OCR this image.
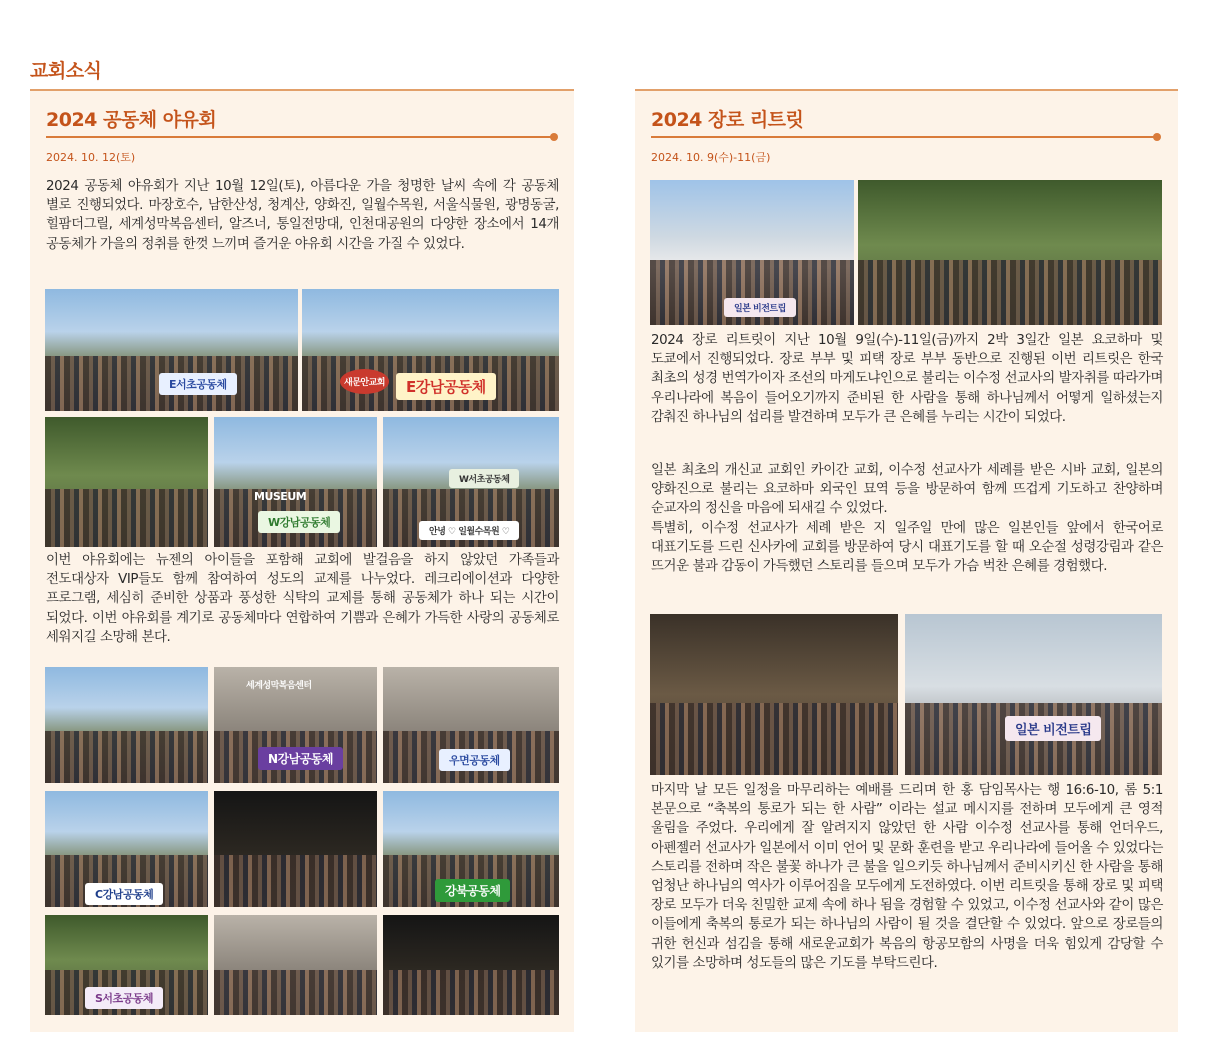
교회소식
2024 공동체 야유회
2024. 10. 12(토)
2024 공동체 야유회가 지난 10월 12일(토), 아름다운 가을 청명한 날씨 속에 각 공동체 별로 진행되었다. 마장호수, 남한산성, 청계산, 양화진, 일월수목원, 서울식물원, 광명동굴, 힐팜더그릴, 세계성막복음센터, 알즈너, 통일전망대, 인천대공원의 다양한 장소에서 14개 공동체가 가을의 정취를 한껏 느끼며 즐거운 야유회 시간을 가질 수 있었다.
E서초공동체	새문안교회	E강남공동체
MUSEUM
W강남공동체
W서초공동체
안녕 ♡ 일월수목원 ♡
이번 야유회에는 뉴젠의 아이들을 포함해 교회에 발걸음을 하지 않았던 가족들과 전도대상자 VIP들도 함께 참여하여 성도의 교제를 나누었다. 레크리에이션과 다양한 프로그램, 세심히 준비한 상품과 풍성한 식탁의 교제를 통해 공동체가 하나 되는 시간이 되었다. 이번 야유회를 계기로 공동체마다 연합하여 기쁨과 은혜가 가득한 사랑의 공동체로 세워지길 소망해 본다.
세계성막복음센터
N강남공동체	우면공동체
C강남공동체	강북공동체
S서초공동체
2024 장로 리트릿
2024. 10. 9(수)-11(금)
일본 비전트립
2024 장로 리트릿이 지난 10월 9일(수)-11일(금)까지 2박 3일간 일본 요코하마 및 도쿄에서 진행되었다. 장로 부부 및 피택 장로 부부 동반으로 진행된 이번 리트릿은 한국 최초의 성경 번역가이자 조선의 마게도냐인으로 불리는 이수정 선교사의 발자취를 따라가며 우리나라에 복음이 들어오기까지 준비된 한 사람을 통해 하나님께서 어떻게 일하셨는지 감춰진 하나님의 섭리를 발견하며 모두가 큰 은혜를 누리는 시간이 되었다.
일본 최초의 개신교 교회인 카이간 교회, 이수정 선교사가 세례를 받은 시바 교회, 일본의 양화진으로 불리는 요코하마 외국인 묘역 등을 방문하여 함께 뜨겁게 기도하고 찬양하며 순교자의 정신을 마음에 되새길 수 있었다.
특별히, 이수정 선교사가 세례 받은 지 일주일 만에 많은 일본인들 앞에서 한국어로 대표기도를 드린 신사카에 교회를 방문하여 당시 대표기도를 할 때 오순절 성령강림과 같은 뜨거운 불과 감동이 가득했던 스토리를 들으며 모두가 가슴 벅찬 은혜를 경험했다.
일본 비전트립
마지막 날 모든 일정을 마무리하는 예배를 드리며 한 홍 담임목사는 행 16:6-10, 롬 5:1 본문으로 “축복의 통로가 되는 한 사람” 이라는 설교 메시지를 전하며 모두에게 큰 영적 울림을 주었다. 우리에게 잘 알려지지 않았던 한 사람 이수정 선교사를 통해 언더우드, 아펜젤러 선교사가 일본에서 이미 언어 및 문화 훈련을 받고 우리나라에 들어올 수 있었다는 스토리를 전하며 작은 불꽃 하나가 큰 불을 일으키듯 하나님께서 준비시키신 한 사람을 통해 엄청난 하나님의 역사가 이루어짐을 모두에게 도전하였다. 이번 리트릿을 통해 장로 및 피택 장로 모두가 더욱 친밀한 교제 속에 하나 됨을 경험할 수 있었고, 이수정 선교사와 같이 많은 이들에게 축복의 통로가 되는 하나님의 사람이 될 것을 결단할 수 있었다. 앞으로 장로들의 귀한 헌신과 섬김을 통해 새로운교회가 복음의 항공모함의 사명을 더욱 힘있게 감당할 수 있기를 소망하며 성도들의 많은 기도를 부탁드린다.
